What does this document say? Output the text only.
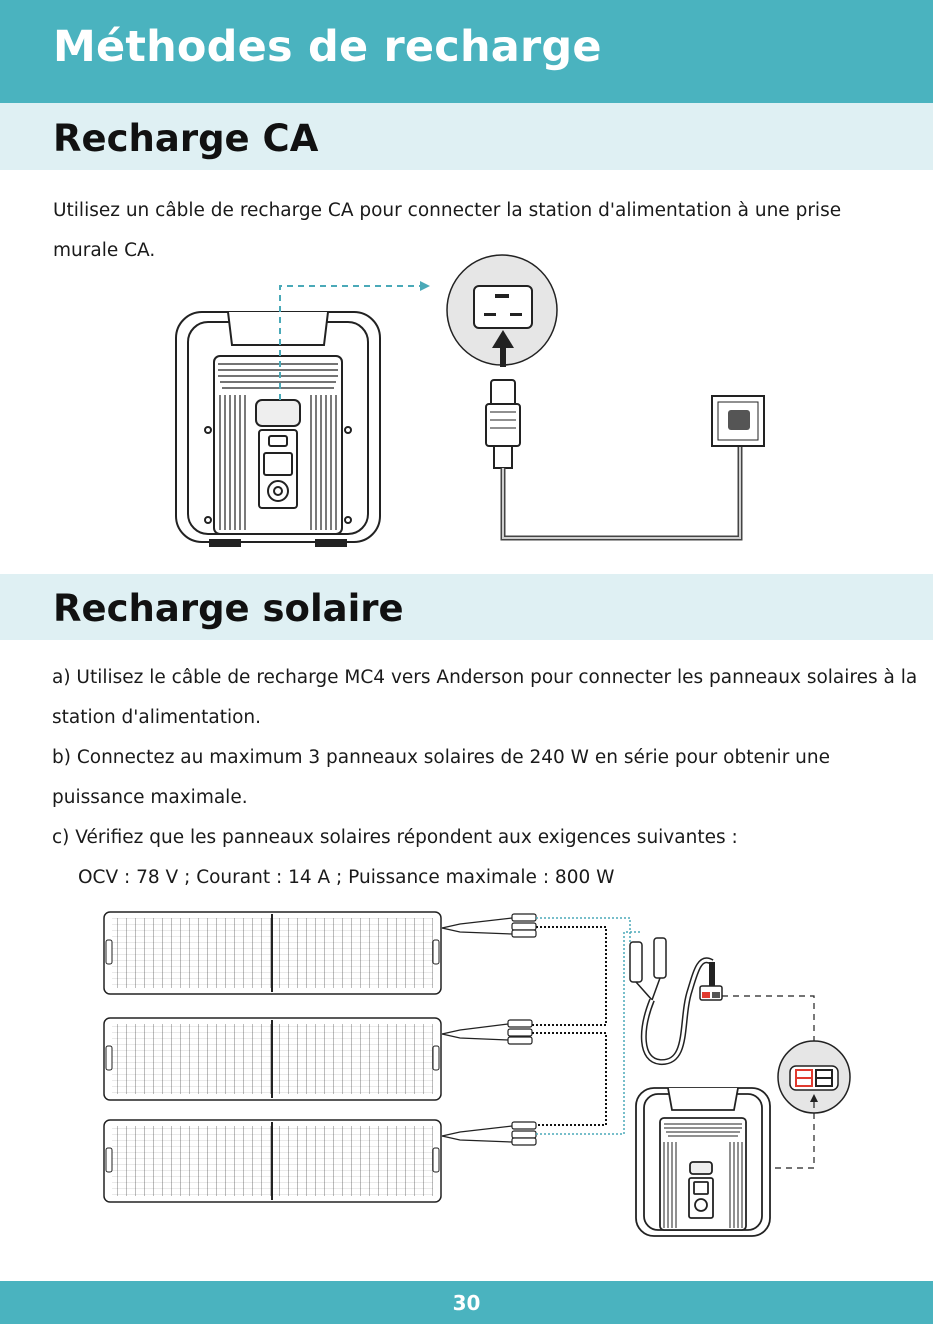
Méthodes de recharge
Recharge CA

Utilisez un câble de recharge CA pour connecter la station d'alimentation à une prise murale CA.

Recharge solaire
a) Utilisez le câble de recharge MC4 vers Anderson pour connecter les panneaux solaires à la station d'alimentation.
b) Connectez au maximum 3 panneaux solaires de 240 W en série pour obtenir une puissance maximale.
c) Vérifiez que les panneaux solaires répondent aux exigences suivantes :
OCV : 78 V ; Courant : 14 A ; Puissance maximale : 800 W
30
